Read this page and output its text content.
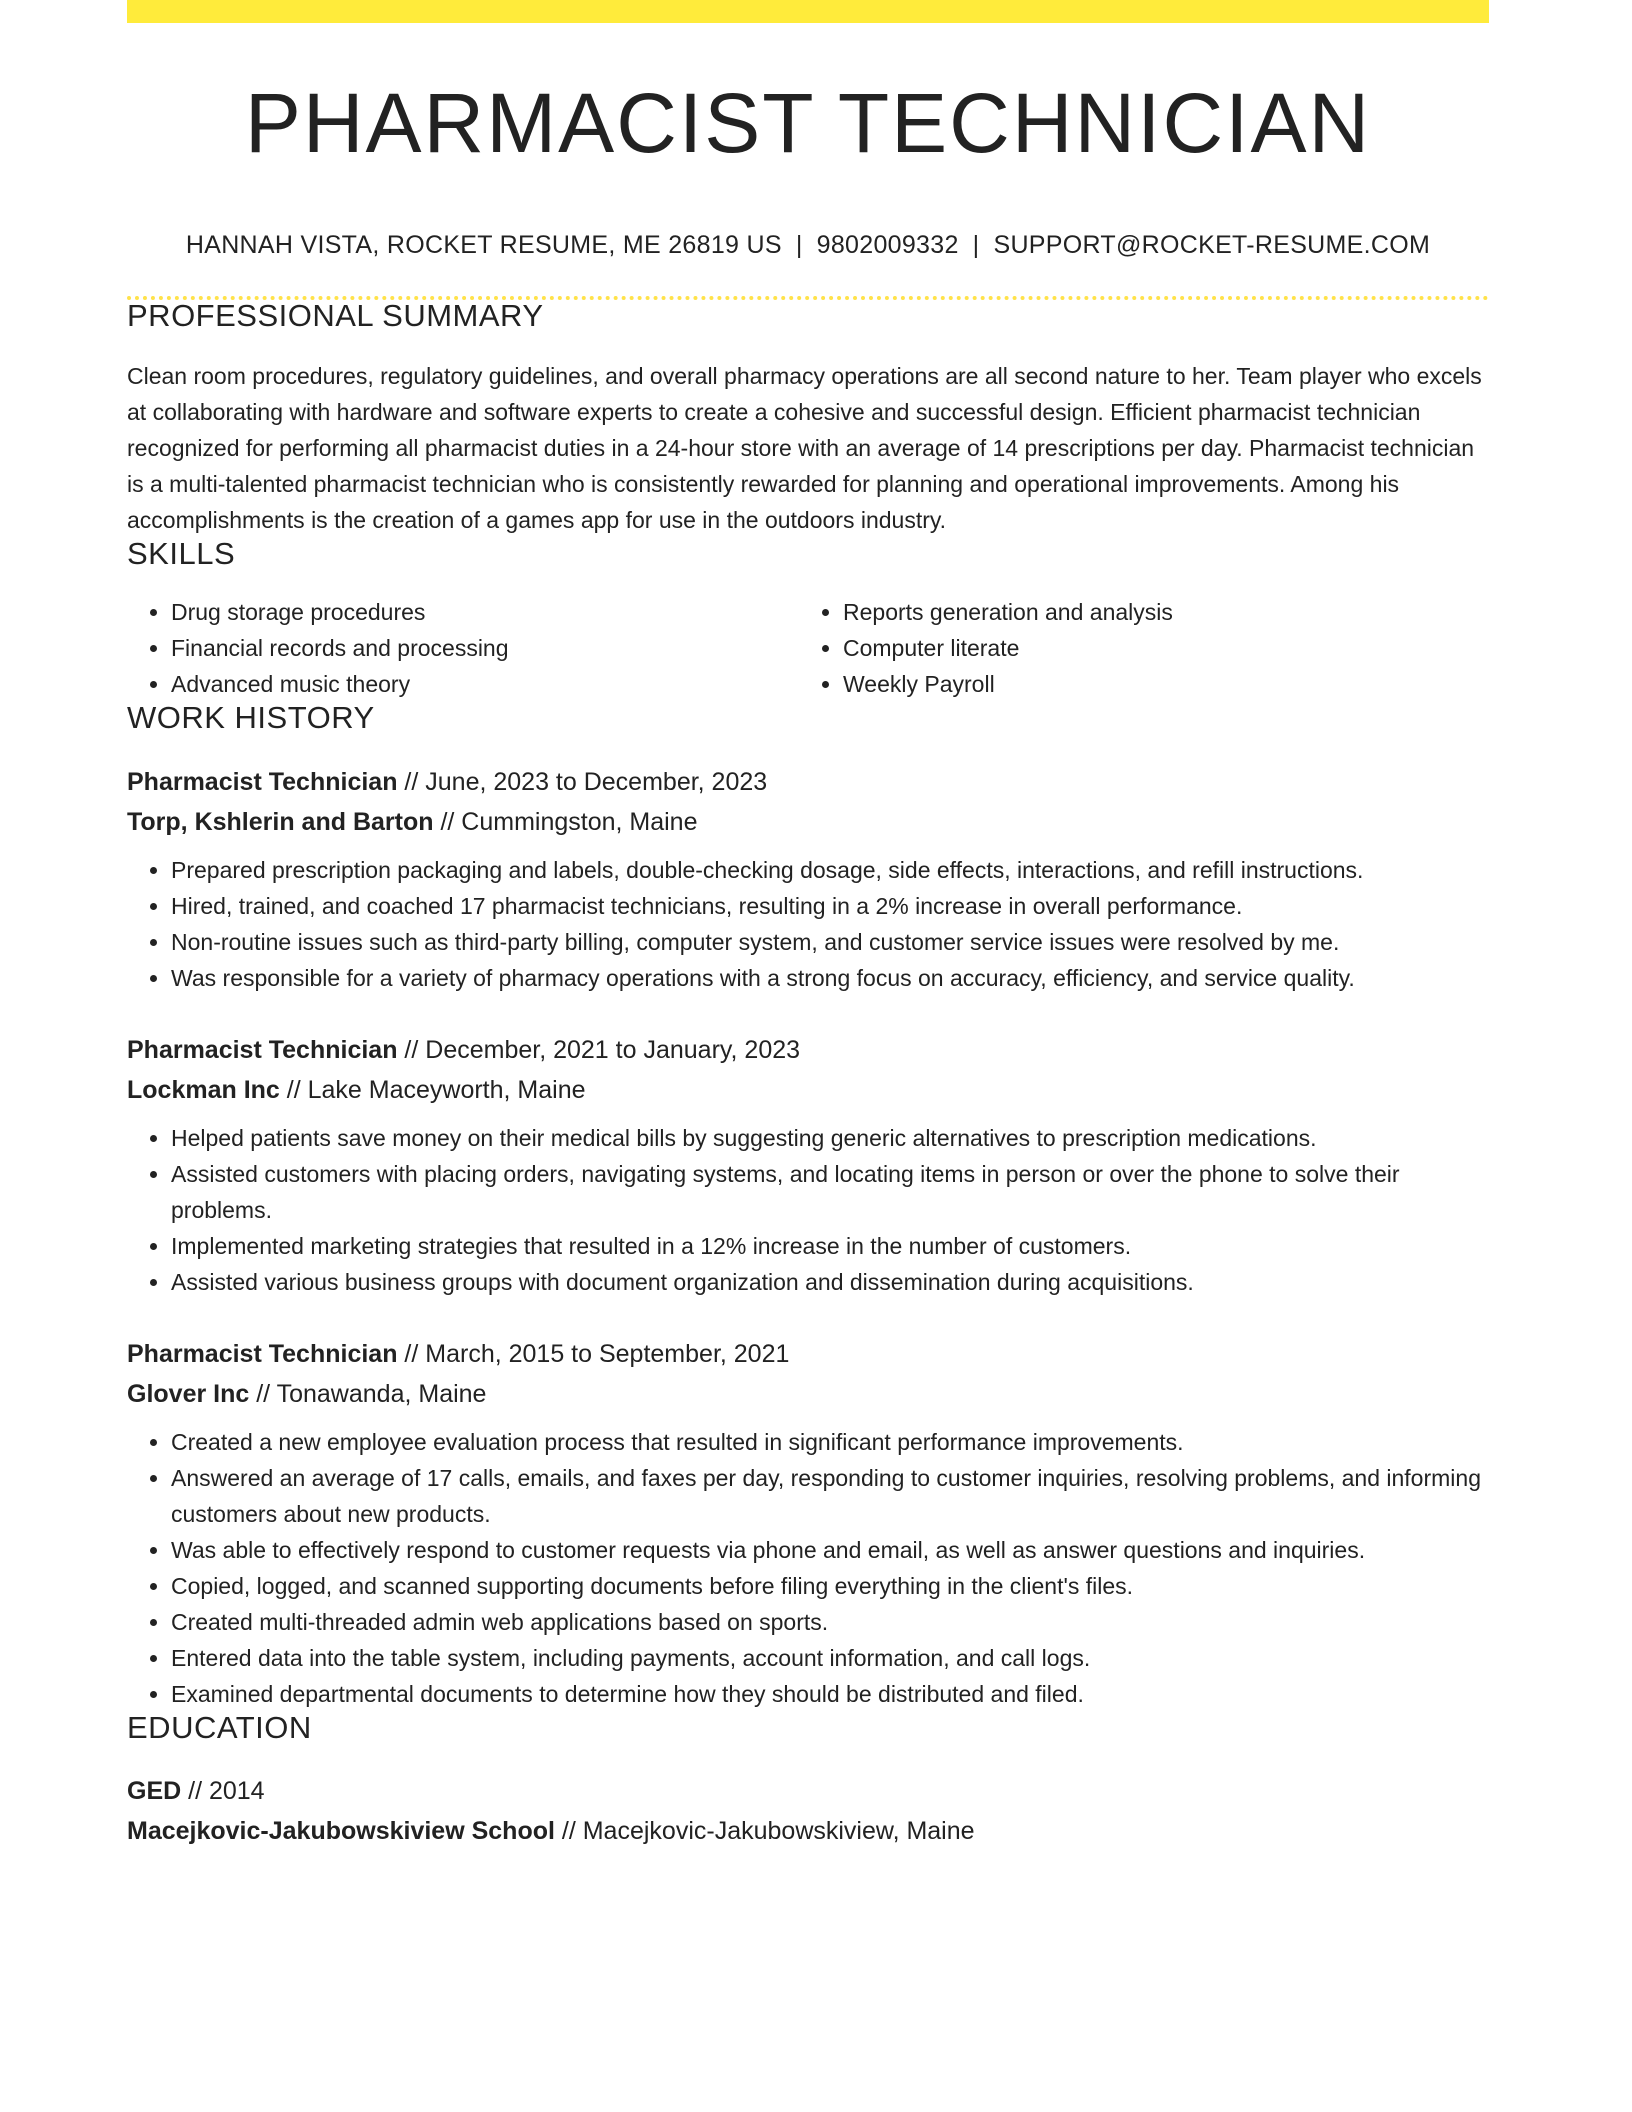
PHARMACIST TECHNICIAN
HANNAH VISTA, ROCKET RESUME, ME 26819 US | 9802009332 | SUPPORT@ROCKET-RESUME.COM
PROFESSIONAL SUMMARY
Clean room procedures, regulatory guidelines, and overall pharmacy operations are all second nature to her. Team player who excels at collaborating with hardware and software experts to create a cohesive and successful design. Efficient pharmacist technician recognized for performing all pharmacist duties in a 24-hour store with an average of 14 prescriptions per day. Pharmacist technician is a multi-talented pharmacist technician who is consistently rewarded for planning and operational improvements. Among his accomplishments is the creation of a games app for use in the outdoors industry.
SKILLS
• Drug storage procedures
• Financial records and processing
• Advanced music theory
• Reports generation and analysis
• Computer literate
• Weekly Payroll
WORK HISTORY
Pharmacist Technician // June, 2023 to December, 2023
Torp, Kshlerin and Barton // Cummingston, Maine
• Prepared prescription packaging and labels, double-checking dosage, side effects, interactions, and refill instructions.
• Hired, trained, and coached 17 pharmacist technicians, resulting in a 2% increase in overall performance.
• Non-routine issues such as third-party billing, computer system, and customer service issues were resolved by me.
• Was responsible for a variety of pharmacy operations with a strong focus on accuracy, efficiency, and service quality.
Pharmacist Technician // December, 2021 to January, 2023
Lockman Inc // Lake Maceyworth, Maine
• Helped patients save money on their medical bills by suggesting generic alternatives to prescription medications.
• Assisted customers with placing orders, navigating systems, and locating items in person or over the phone to solve their problems.
• Implemented marketing strategies that resulted in a 12% increase in the number of customers.
• Assisted various business groups with document organization and dissemination during acquisitions.
Pharmacist Technician // March, 2015 to September, 2021
Glover Inc // Tonawanda, Maine
• Created a new employee evaluation process that resulted in significant performance improvements.
• Answered an average of 17 calls, emails, and faxes per day, responding to customer inquiries, resolving problems, and informing customers about new products.
• Was able to effectively respond to customer requests via phone and email, as well as answer questions and inquiries.
• Copied, logged, and scanned supporting documents before filing everything in the client's files.
• Created multi-threaded admin web applications based on sports.
• Entered data into the table system, including payments, account information, and call logs.
• Examined departmental documents to determine how they should be distributed and filed.
EDUCATION
GED // 2014
Macejkovic-Jakubowskiview School // Macejkovic-Jakubowskiview, Maine
